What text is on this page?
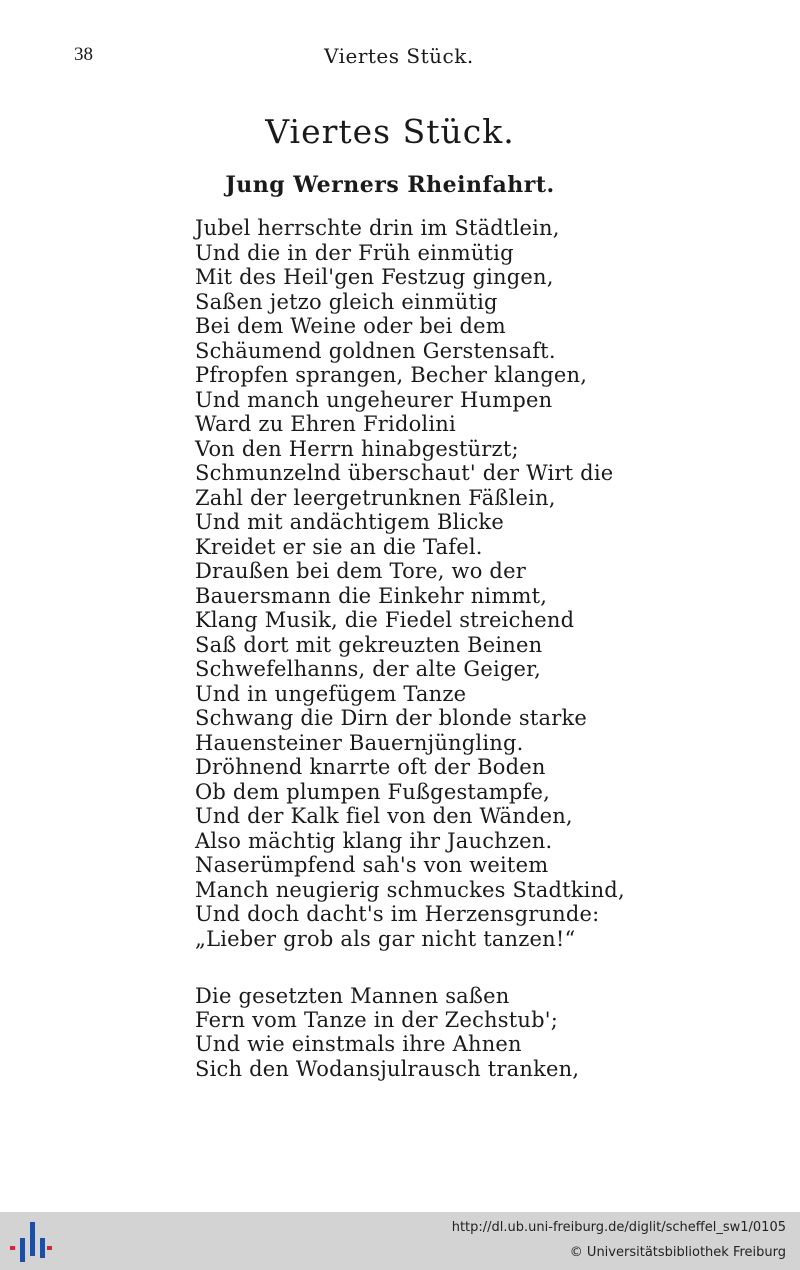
38	Viertes Stück.
Viertes Stück.
Jung Werners Rheinfahrt.
Jubel herrschte drin im Städtlein,
Und die in der Früh einmütig
Mit des Heil'gen Festzug gingen,
Saßen jetzo gleich einmütig
Bei dem Weine oder bei dem
Schäumend goldnen Gerstensaft.
Pfropfen sprangen, Becher klangen,
Und manch ungeheurer Humpen
Ward zu Ehren Fridolini
Von den Herrn hinabgestürzt;
Schmunzelnd überschaut' der Wirt die
Zahl der leergetrunknen Fäßlein,
Und mit andächtigem Blicke
Kreidet er sie an die Tafel.
Draußen bei dem Tore, wo der
Bauersmann die Einkehr nimmt,
Klang Musik, die Fiedel streichend
Saß dort mit gekreuzten Beinen
Schwefelhanns, der alte Geiger,
Und in ungefügem Tanze
Schwang die Dirn der blonde starke
Hauensteiner Bauernjüngling.
Dröhnend knarrte oft der Boden
Ob dem plumpen Fußgestampfe,
Und der Kalk fiel von den Wänden,
Also mächtig klang ihr Jauchzen.
Naserümpfend sah's von weitem
Manch neugierig schmuckes Stadtkind,
Und doch dacht's im Herzensgrunde:
„Lieber grob als gar nicht tanzen!“
Die gesetzten Mannen saßen
Fern vom Tanze in der Zechstub';
Und wie einstmals ihre Ahnen
Sich den Wodansjulrausch tranken,
http://dl.ub.uni-freiburg.de/diglit/scheffel_sw1/0105
© Universitätsbibliothek Freiburg
